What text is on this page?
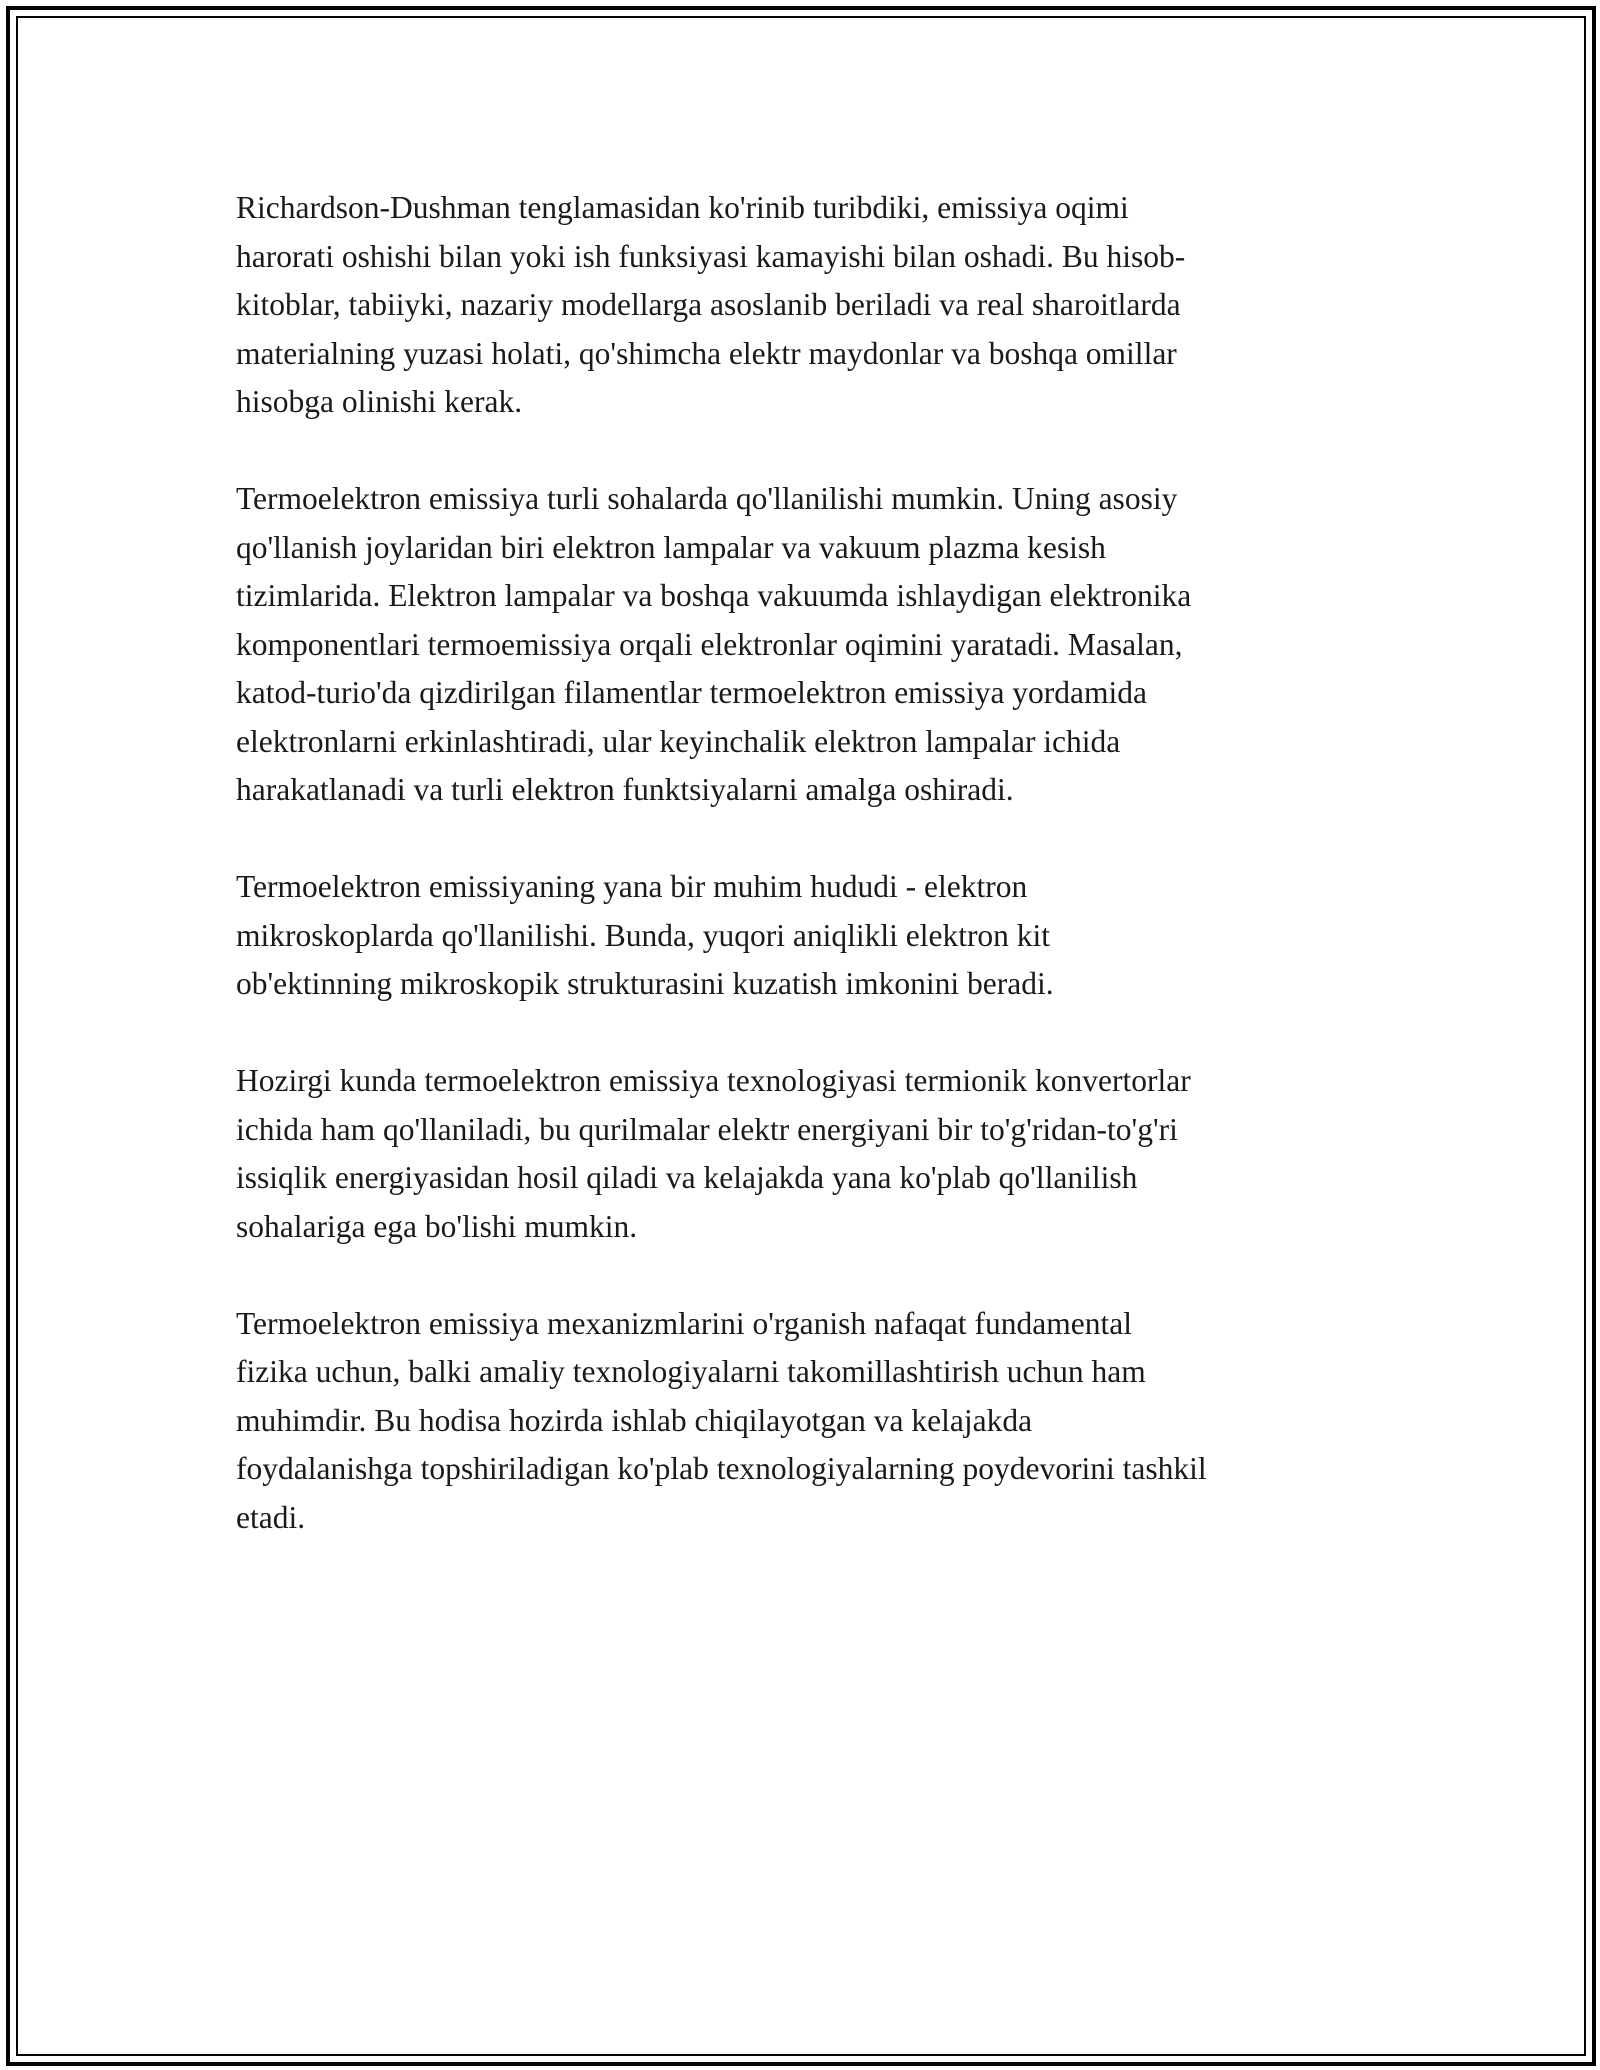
Richardson-Dushman tenglamasidan ko'rinib turibdiki, emissiya oqimi
harorati oshishi bilan yoki ish funksiyasi kamayishi bilan oshadi. Bu hisob-
kitoblar, tabiiyki, nazariy modellarga asoslanib beriladi va real sharoitlarda
materialning yuzasi holati, qo'shimcha elektr maydonlar va boshqa omillar
hisobga olinishi kerak.

Termoelektron emissiya turli sohalarda qo'llanilishi mumkin. Uning asosiy
qo'llanish joylaridan biri elektron lampalar va vakuum plazma kesish
tizimlarida. Elektron lampalar va boshqa vakuumda ishlaydigan elektronika
komponentlari termoemissiya orqali elektronlar oqimini yaratadi. Masalan,
katod-turio'da qizdirilgan filamentlar termoelektron emissiya yordamida
elektronlarni erkinlashtiradi, ular keyinchalik elektron lampalar ichida
harakatlanadi va turli elektron funktsiyalarni amalga oshiradi.

Termoelektron emissiyaning yana bir muhim hududi - elektron
mikroskoplarda qo'llanilishi. Bunda, yuqori aniqlikli elektron kit
ob'ektinning mikroskopik strukturasini kuzatish imkonini beradi.

Hozirgi kunda termoelektron emissiya texnologiyasi termionik konvertorlar
ichida ham qo'llaniladi, bu qurilmalar elektr energiyani bir to'g'ridan-to'g'ri
issiqlik energiyasidan hosil qiladi va kelajakda yana ko'plab qo'llanilish
sohalariga ega bo'lishi mumkin.

Termoelektron emissiya mexanizmlarini o'rganish nafaqat fundamental
fizika uchun, balki amaliy texnologiyalarni takomillashtirish uchun ham
muhimdir. Bu hodisa hozirda ishlab chiqilayotgan va kelajakda
foydalanishga topshiriladigan ko'plab texnologiyalarning poydevorini tashkil
etadi.
